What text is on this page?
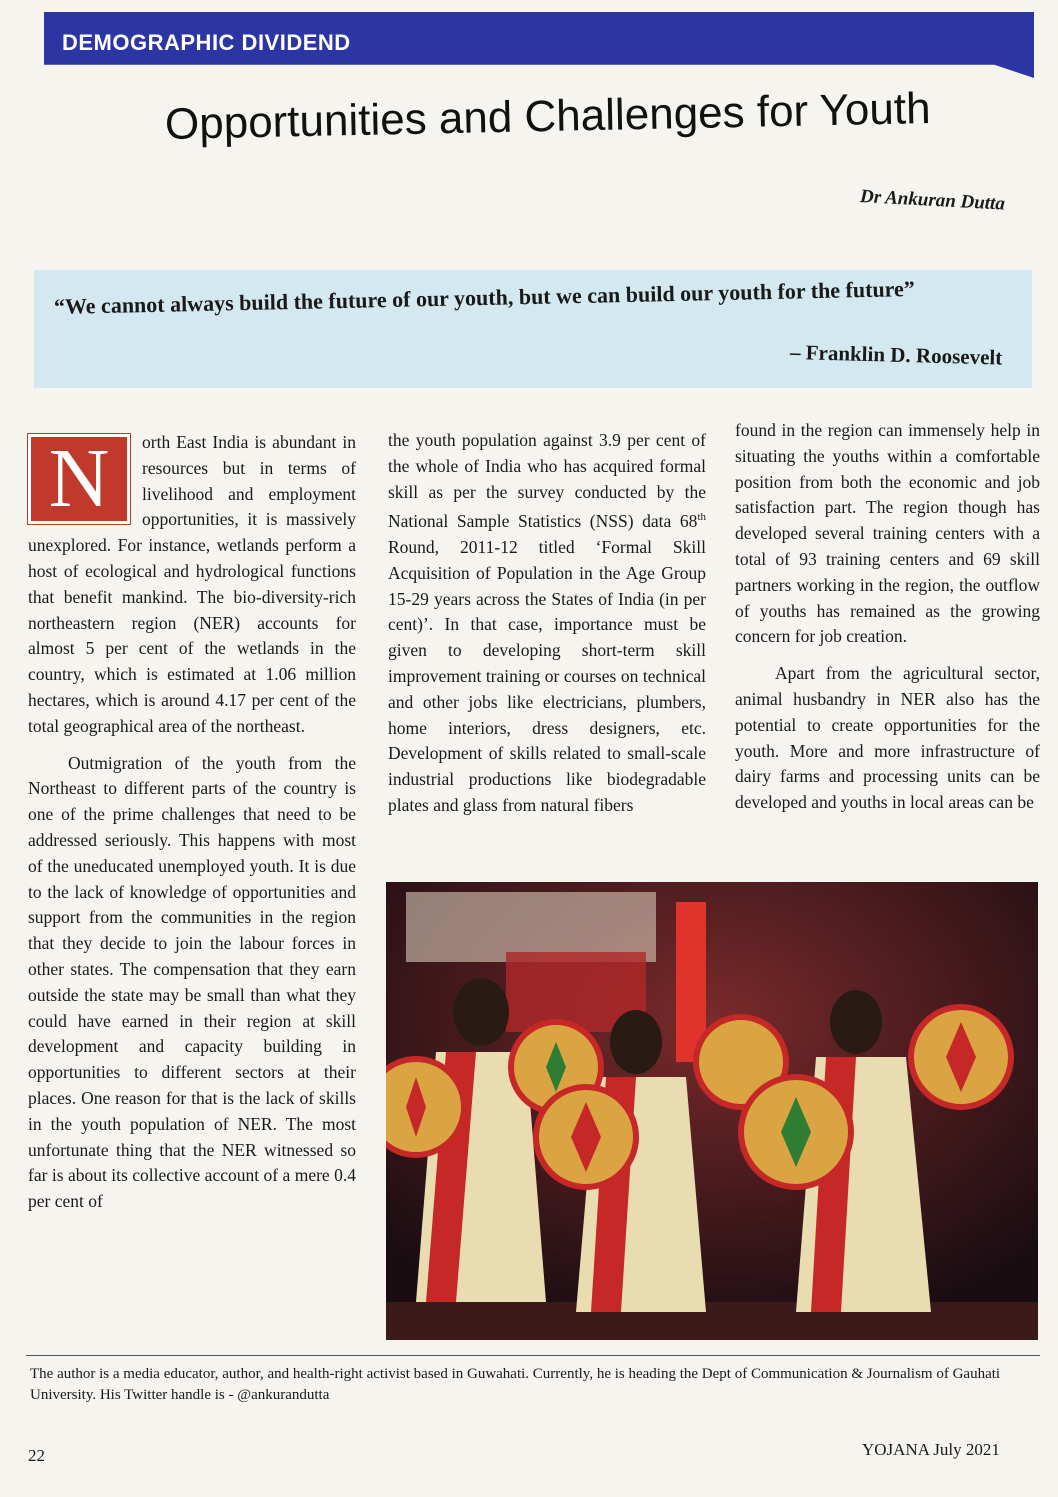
DEMOGRAPHIC DIVIDEND
Opportunities and Challenges for Youth
Dr Ankuran Dutta
“We cannot always build the future of our youth, but we can build our youth for the future”
– Franklin D. Roosevelt

N	orth East India is abundant in resources but in terms of livelihood and employment opportunities, it is massively unexplored. For instance, wetlands perform a host of ecological and hydrological functions that benefit mankind. The bio-diversity-rich northeastern region (NER) accounts for almost 5 per cent of the wetlands in the country, which is estimated at 1.06 million hectares, which is around 4.17 per cent of the total geographical area of the northeast.

Outmigration of the youth from the Northeast to different parts of the country is one of the prime challenges that need to be addressed seriously. This happens with most of the uneducated unemployed youth. It is due to the lack of knowledge of opportunities and support from the communities in the region that they decide to join the labour forces in other states. The compensation that they earn outside the state may be small than what they could have earned in their region at skill development and capacity building in opportunities to different sectors at their places. One reason for that is the lack of skills in the youth population of NER. The most unfortunate thing that the NER witnessed so far is about its collective account of a mere 0.4 per cent of

the youth population against 3.9 per cent of the whole of India who has acquired formal skill as per the survey conducted by the National Sample Statistics (NSS) data 68th Round, 2011-12 titled ‘Formal Skill Acquisition of Population in the Age Group 15-29 years across the States of India (in per cent)’. In that case, importance must be given to developing short-term skill improvement training or courses on technical and other jobs like electricians, plumbers, home interiors, dress designers, etc. Development of skills related to small-scale industrial productions like biodegradable plates and glass from natural fibers

found in the region can immensely help in situating the youths within a comfortable position from both the economic and job satisfaction part. The region though has developed several training centers with a total of 93 training centers and 69 skill partners working in the region, the outflow of youths has remained as the growing concern for job creation.

Apart from the agricultural sector, animal husbandry in NER also has the potential to create opportunities for the youth. More and more infrastructure of dairy farms and processing units can be developed and youths in local areas can be

The author is a media educator, author, and health-right activist based in Guwahati. Currently, he is heading the Dept of Communication & Journalism of Gauhati University. His Twitter handle is - @ankurandutta
22	YOJANA July 2021
